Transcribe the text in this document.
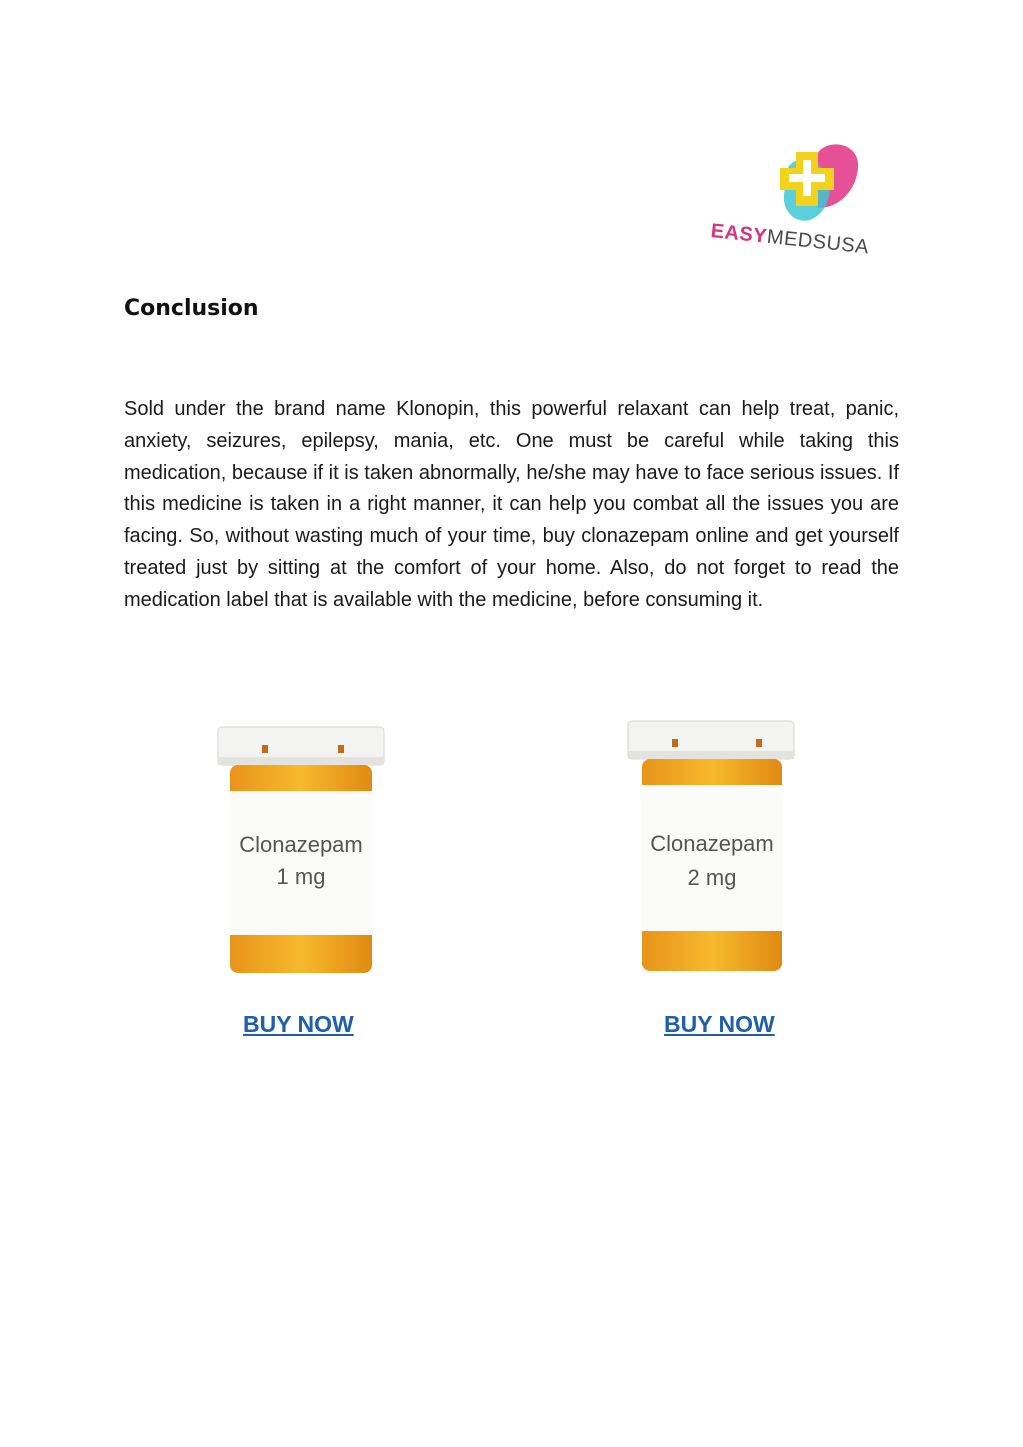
EASYMEDSUSA
Conclusion

Sold under the brand name Klonopin, this powerful relaxant can help treat, panic, anxiety, seizures, epilepsy, mania, etc. One must be careful while taking this medication, because if it is taken abnormally, he/she may have to face serious issues. If this medicine is taken in a right manner, it can help you combat all the issues you are facing. So, without wasting much of your time, buy clonazepam online and get yourself treated just by sitting at the comfort of your home. Also, do not forget to read the medication label that is available with the medicine, before consuming it.

Clonazepam
1 mg
Clonazepam
2 mg
BUY NOW	BUY NOW
